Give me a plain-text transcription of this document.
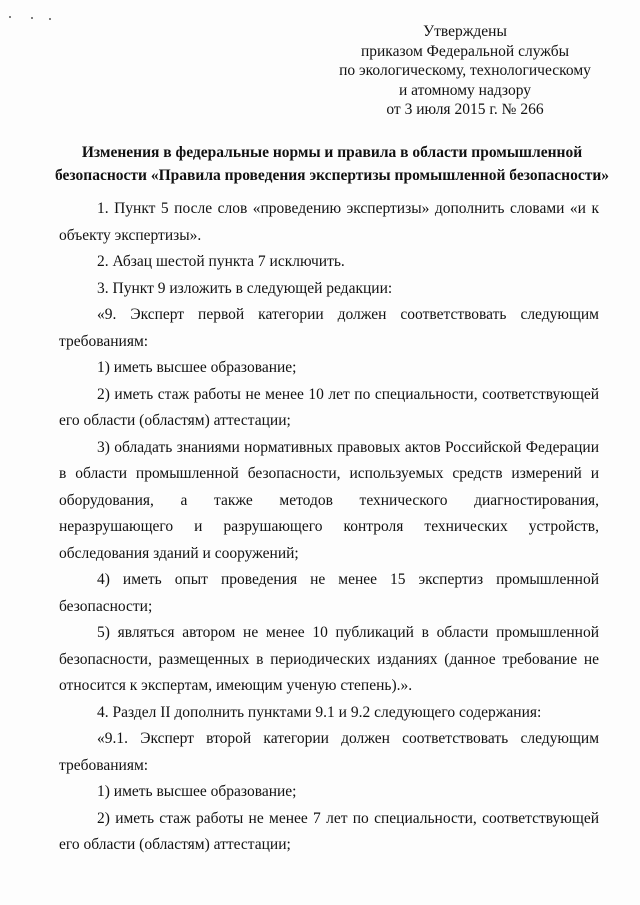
Утверждены
приказом Федеральной службы
по экологическому, технологическому
и атомному надзору
от 3 июля 2015 г. № 266
Изменения в федеральные нормы и правила в области промышленной
безопасности «Правила проведения экспертизы промышленной безопасности»

1. Пункт 5 после слов «проведению экспертизы» дополнить словами «и к объекту экспертизы».

2. Абзац шестой пункта 7 исключить.

3. Пункт 9 изложить в следующей редакции:

«9. Эксперт первой категории должен соответствовать следующим требованиям:

1) иметь высшее образование;

2) иметь стаж работы не менее 10 лет по специальности, соответствующей его области (областям) аттестации;

3) обладать знаниями нормативных правовых актов Российской Федерации в области промышленной безопасности, используемых средств измерений и оборудования, а также методов технического диагностирования, неразрушающего и разрушающего контроля технических устройств, обследования зданий и сооружений;

4) иметь опыт проведения не менее 15 экспертиз промышленной безопасности;

5) являться автором не менее 10 публикаций в области промышленной безопасности, размещенных в периодических изданиях (данное требование не относится к экспертам, имеющим ученую степень).».

4. Раздел II дополнить пунктами 9.1 и 9.2 следующего содержания:

«9.1. Эксперт второй категории должен соответствовать следующим требованиям:

1) иметь высшее образование;

2) иметь стаж работы не менее 7 лет по специальности, соответствующей его области (областям) аттестации;
